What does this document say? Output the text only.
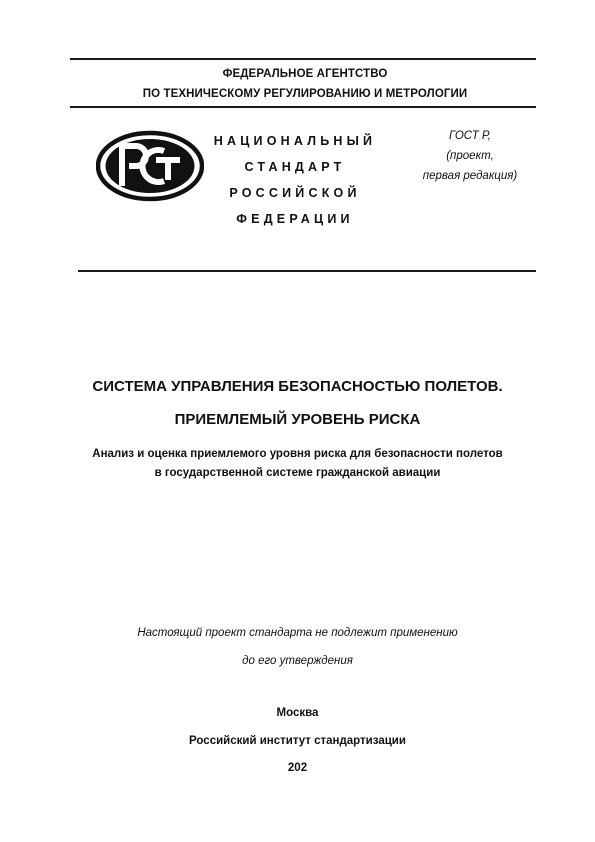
ФЕДЕРАЛЬНОЕ АГЕНТСТВО
ПО ТЕХНИЧЕСКОМУ РЕГУЛИРОВАНИЮ И МЕТРОЛОГИИ
НАЦИОНАЛЬНЫЙ
СТАНДАРТ
РОССИЙСКОЙ
ФЕДЕРАЦИИ
ГОСТ Р,
(проект,
первая редакция)
СИСТЕМА УПРАВЛЕНИЯ БЕЗОПАСНОСТЬЮ ПОЛЕТОВ.
ПРИЕМЛЕМЫЙ УРОВЕНЬ РИСКА
Анализ и оценка приемлемого уровня риска для безопасности полетов
в государственной системе гражданской авиации
Настоящий проект стандарта не подлежит применению
до его утверждения
Москва
Российский институт стандартизации
202
